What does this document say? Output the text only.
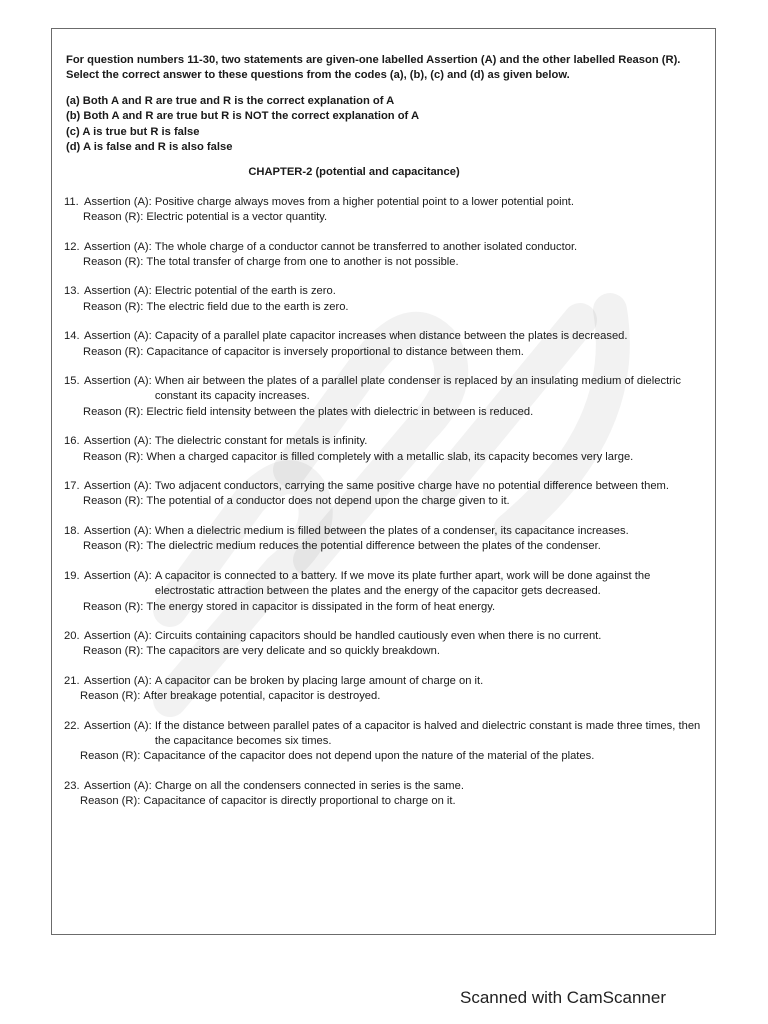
For question numbers 11-30, two statements are given-one labelled Assertion (A) and the other labelled Reason (R). Select the correct answer to these questions from the codes (a), (b), (c) and (d) as given below.
(a) Both A and R are true and R is the correct explanation of A
(b) Both A and R are true but R is NOT the correct explanation of A
(c) A is true but R is false
(d) A is false and R is also false
CHAPTER-2 (potential and capacitance)
11. Assertion (A): Positive charge always moves from a higher potential point to a lower potential point.
Reason (R): Electric potential is a vector quantity.
12. Assertion (A): The whole charge of a conductor cannot be transferred to another isolated conductor.
Reason (R): The total transfer of charge from one to another is not possible.
13. Assertion (A): Electric potential of the earth is zero.
Reason (R): The electric field due to the earth is zero.
14. Assertion (A): Capacity of a parallel plate capacitor increases when distance between the plates is decreased.
Reason (R): Capacitance of capacitor is inversely proportional to distance between them.
15. Assertion (A): When air between the plates of a parallel plate condenser is replaced by an insulating medium of dielectric constant its capacity increases.
Reason (R): Electric field intensity between the plates with dielectric in between is reduced.
16. Assertion (A): The dielectric constant for metals is infinity.
Reason (R): When a charged capacitor is filled completely with a metallic slab, its capacity becomes very large.
17. Assertion (A): Two adjacent conductors, carrying the same positive charge have no potential difference between them.
Reason (R): The potential of a conductor does not depend upon the charge given to it.
18. Assertion (A): When a dielectric medium is filled between the plates of a condenser, its capacitance increases.
Reason (R): The dielectric medium reduces the potential difference between the plates of the condenser.
19. Assertion (A): A capacitor is connected to a battery. If we move its plate further apart, work will be done against the electrostatic attraction between the plates and the energy of the capacitor gets decreased.
Reason (R): The energy stored in capacitor is dissipated in the form of heat energy.
20. Assertion (A): Circuits containing capacitors should be handled cautiously even when there is no current.
Reason (R): The capacitors are very delicate and so quickly breakdown.
21. Assertion (A): A capacitor can be broken by placing large amount of charge on it.
Reason (R): After breakage potential, capacitor is destroyed.
22. Assertion (A): If the distance between parallel pates of a capacitor is halved and dielectric constant is made three times, then the capacitance becomes six times.
Reason (R): Capacitance of the capacitor does not depend upon the nature of the material of the plates.
23. Assertion (A): Charge on all the condensers connected in series is the same.
Reason (R): Capacitance of capacitor is directly proportional to charge on it.
Scanned with CamScanner
